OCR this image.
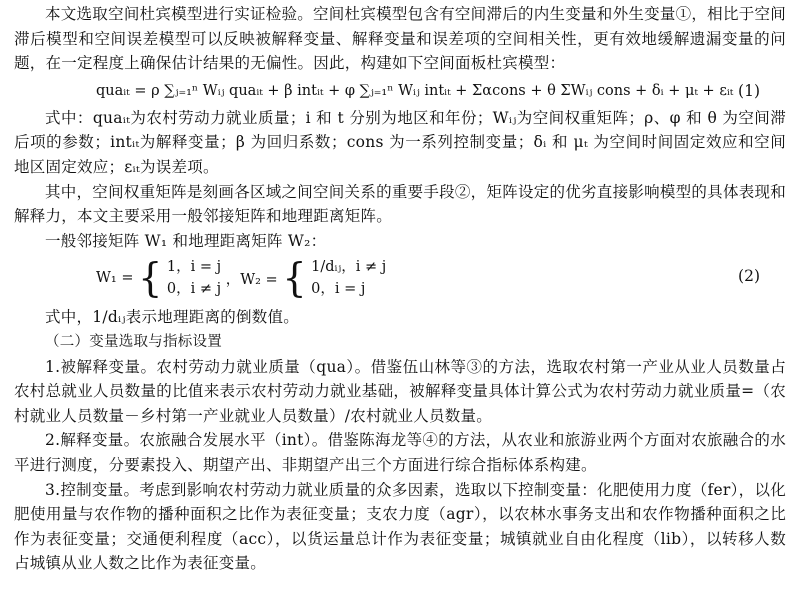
本文选取空间杜宾模型进行实证检验。空间杜宾模型包含有空间滞后的内生变量和外生变量①，相比于空间滞后模型和空间误差模型可以反映被解释变量、解释变量和误差项的空间相关性，更有效地缓解遗漏变量的问题，在一定程度上确保估计结果的无偏性。因此，构建如下空间面板杜宾模型：

quaᵢₜ = ρ ∑ⱼ₌₁ⁿ Wᵢⱼ quaᵢₜ + β intᵢₜ + φ ∑ⱼ₌₁ⁿ Wᵢⱼ intᵢₜ + Σαcons + θ ΣWᵢⱼ cons + δᵢ + μₜ + εᵢₜ (1)

式中：quaᵢₜ为农村劳动力就业质量；i 和 t 分别为地区和年份；Wᵢⱼ为空间权重矩阵；ρ、φ 和 θ 为空间滞后项的参数；intᵢₜ为解释变量；β 为回归系数；cons 为一系列控制变量；δᵢ 和 μₜ 为空间时间固定效应和空间地区固定效应；εᵢₜ为误差项。

其中，空间权重矩阵是刻画各区域之间空间关系的重要手段②，矩阵设定的优劣直接影响模型的具体表现和解释力，本文主要采用一般邻接矩阵和地理距离矩阵。

一般邻接矩阵 W₁ 和地理距离矩阵 W₂：

W₁ = { 1，i = j
0，i ≠ j ，W₂ = { 1/dᵢⱼ，i ≠ j
0，i = j
(2)

式中，1/dᵢⱼ表示地理距离的倒数值。

（二）变量选取与指标设置

1.被解释变量。农村劳动力就业质量（qua）。借鉴伍山林等③的方法，选取农村第一产业从业人员数量占农村总就业人员数量的比值来表示农村劳动力就业基础，被解释变量具体计算公式为农村劳动力就业质量=（农村就业人员数量－乡村第一产业就业人员数量）/农村就业人员数量。

2.解释变量。农旅融合发展水平（int）。借鉴陈海龙等④的方法，从农业和旅游业两个方面对农旅融合的水平进行测度，分要素投入、期望产出、非期望产出三个方面进行综合指标体系构建。

3.控制变量。考虑到影响农村劳动力就业质量的众多因素，选取以下控制变量：化肥使用力度（fer），以化肥使用量与农作物的播种面积之比作为表征变量；支农力度（agr），以农林水事务支出和农作物播种面积之比作为表征变量；交通便利程度（acc），以货运量总计作为表征变量；城镇就业自由化程度（lib），以转移人数占城镇从业人数之比作为表征变量。
